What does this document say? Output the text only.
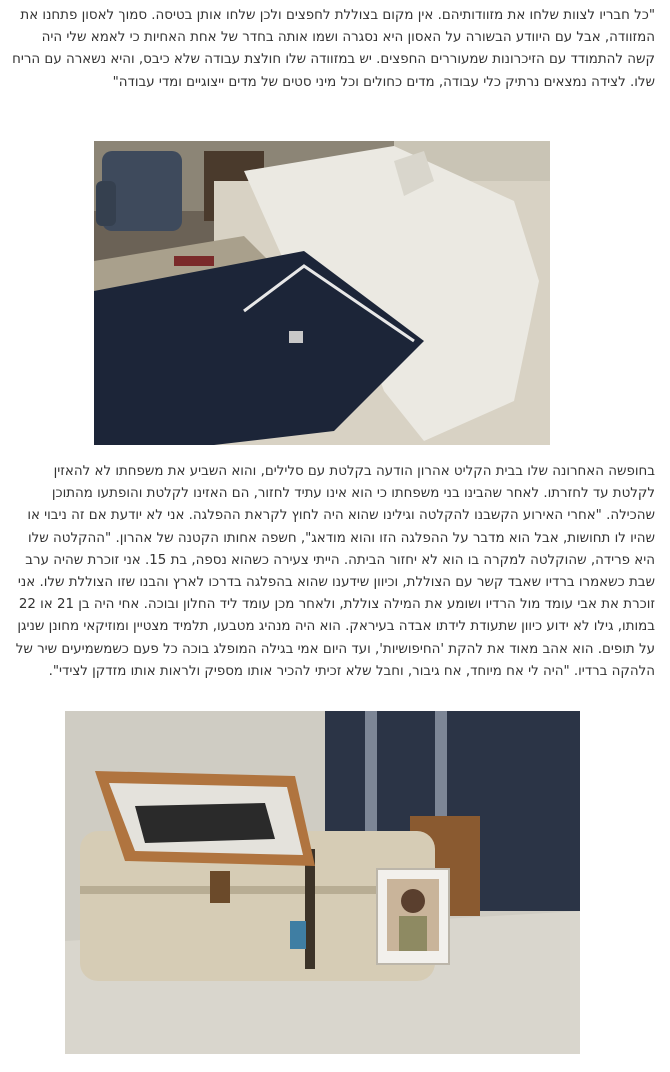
"כל חבריו לצוות שלחו את מזוודותיהם. אין מקום בצוללת לחפצים ולכן שלחו אותן בטיסה. סמוך לאסון פתחנו את המזוודה, אבל עם היוודע הבשורה על האסון היא נסגרה ושמו אותה בחדר של אחת האחיות כי לאמא שלי היה קשה להתמודד עם הזיכרונות שמעוררים החפצים. יש במזוודה שלו חולצת עבודה שלא כיבס, והיא נשארה עם הריח שלו. לצידה נמצאים נרתיק כלי עבודה, מדים כחולים וכל מיני סטים של מדים ייצוגיים ומדי עבודה"

בחופשה האחרונה שלו בבית הקליט אהרון הודעה בקלטת עם סלילים, והוא השביע את משפחתו לא להאזין לקלטת עד לחזרתו. לאחר שהבינו בני משפחתו כי הוא אינו עתיד לחזור, הם האזינו לקלטת והופתעו מהתוכן שהכילה. "אחרי האירוע הקשבנו להקלטה וגילינו שהוא היה לחוץ לקראת ההפלגה. אני לא יודעת אם זה ניבוי או שהיו לו תחושות, אבל הוא מדבר על ההפלגה הזו והוא מודאג", חשפה אחותו הקטנה של אהרון. "ההקלטה שלו היא פרידה, שהוקלטה למקרה בו הוא לא יחזור הביתה. הייתי צעירה כשהוא נספה, בת 15. אני זוכרת שהיה ערב שבת כשאמרו ברדיו שאבד קשר עם הצוללת, וכיוון שידענו שהוא בהפלגה בדרכו לארץ והבנו שזו הצוללת שלו. אני זוכרת את אבי עומד מול הרדיו ושומע את המילה צוללת, ולאחר מכן עומד ליד החלון ובוכה. אחי היה בן 21 או 22 במותו, גילו לא ידוע כיוון שתעודת לידתו אבדה בעיראק. הוא היה מנהיג מטבעו, תלמיד מצטיין ומוזיקאי מחונן שניגן על תופים. הוא אהב מאוד את להקת 'החיפושיות', ועד היום אמי בגילה המופלג בוכה כל פעם כשמשמיעים שיר של הלהקה ברדיו. "היה לי אח מיוחד, אח גיבור, וחבל שלא זכיתי להכיר אותו מספיק ולראות אותו מזדקן לצידי".
